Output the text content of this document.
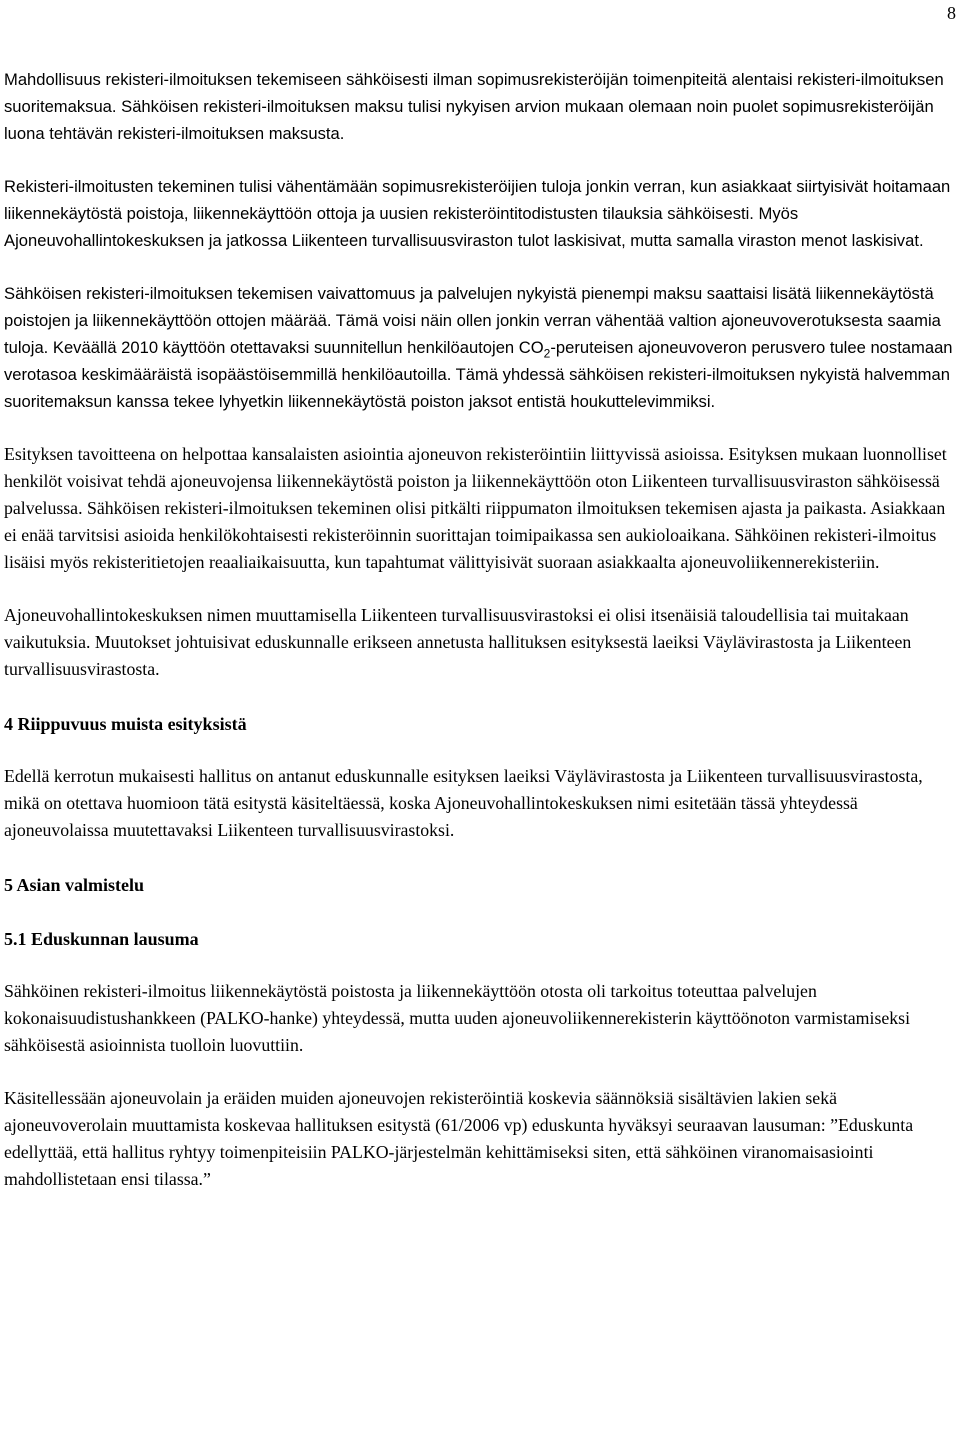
8

Mahdollisuus rekisteri-ilmoituksen tekemiseen sähköisesti ilman sopimusrekisteröijän toimenpiteitä alentaisi rekisteri-ilmoituksen suoritemaksua. Sähköisen rekisteri-ilmoituksen maksu tulisi nykyisen arvion mukaan olemaan noin puolet sopimusrekisteröijän luona tehtävän rekisteri-ilmoituksen maksusta.

Rekisteri-ilmoitusten tekeminen tulisi vähentämään sopimusrekisteröijien tuloja jonkin verran, kun asiakkaat siirtyisivät hoitamaan liikennekäytöstä poistoja, liikennekäyttöön ottoja ja uusien rekisteröintitodistusten tilauksia sähköisesti. Myös Ajoneuvohallintokeskuksen ja jatkossa Liikenteen turvallisuusviraston tulot laskisivat, mutta samalla viraston menot laskisivat.

Sähköisen rekisteri-ilmoituksen tekemisen vaivattomuus ja palvelujen nykyistä pienempi maksu saattaisi lisätä liikennekäytöstä poistojen ja liikennekäyttöön ottojen määrää. Tämä voisi näin ollen jonkin verran vähentää valtion ajoneuvoverotuksesta saamia tuloja. Keväällä 2010 käyttöön otettavaksi suunnitellun henkilöautojen $CO_2$-peruteisen ajoneuvoveron perusvero tulee nostamaan verotasoa keskimääräistä isopäästöisemmillä henkilöautoilla. Tämä yhdessä sähköisen rekisteri-ilmoituksen nykyistä halvemman suoritemaksun kanssa tekee lyhyetkin liikennekäytöstä poiston jaksot entistä houkuttelevimmiksi.

Esityksen tavoitteena on helpottaa kansalaisten asiointia ajoneuvon rekisteröintiin liittyvissä asioissa. Esityksen mukaan luonnolliset henkilöt voisivat tehdä ajoneuvojensa liikennekäytöstä poiston ja liikennekäyttöön oton Liikenteen turvallisuusviraston sähköisessä palvelussa. Sähköisen rekisteri-ilmoituksen tekeminen olisi pitkälti riippumaton ilmoituksen tekemisen ajasta ja paikasta. Asiakkaan ei enää tarvitsisi asioida henkilökohtaisesti rekisteröinnin suorittajan toimipaikassa sen aukioloaikana. Sähköinen rekisteri-ilmoitus lisäisi myös rekisteritietojen reaaliaikaisuutta, kun tapahtumat välittyisivät suoraan asiakkaalta ajoneuvoliikennerekisteriin.

Ajoneuvohallintokeskuksen nimen muuttamisella Liikenteen turvallisuusvirastoksi ei olisi itsenäisiä taloudellisia tai muitakaan vaikutuksia. Muutokset johtuisivat eduskunnalle erikseen annetusta hallituksen esityksestä laeiksi Väylävirastosta ja Liikenteen turvallisuusvirastosta.

4 Riippuvuus muista esityksistä

Edellä kerrotun mukaisesti hallitus on antanut eduskunnalle esityksen laeiksi Väylävirastosta ja Liikenteen turvallisuusvirastosta, mikä on otettava huomioon tätä esitystä käsiteltäessä, koska Ajoneuvohallintokeskuksen nimi esitetään tässä yhteydessä ajoneuvolaissa muutettavaksi Liikenteen turvallisuusvirastoksi.

5 Asian valmistelu
5.1 Eduskunnan lausuma

Sähköinen rekisteri-ilmoitus liikennekäytöstä poistosta ja liikennekäyttöön otosta oli tarkoitus toteuttaa palvelujen kokonaisuudistushankkeen (PALKO-hanke) yhteydessä, mutta uuden ajoneuvoliikennerekisterin käyttöönoton varmistamiseksi sähköisestä asioinnista tuolloin luovuttiin.

Käsitellessään ajoneuvolain ja eräiden muiden ajoneuvojen rekisteröintiä koskevia säännöksiä sisältävien lakien sekä ajoneuvoverolain muuttamista koskevaa hallituksen esitystä (61/2006 vp) eduskunta hyväksyi seuraavan lausuman: ”Eduskunta edellyttää, että hallitus ryhtyy toimenpiteisiin PALKO-järjestelmän kehittämiseksi siten, että sähköinen viranomaisasiointi mahdollistetaan ensi tilassa.”
